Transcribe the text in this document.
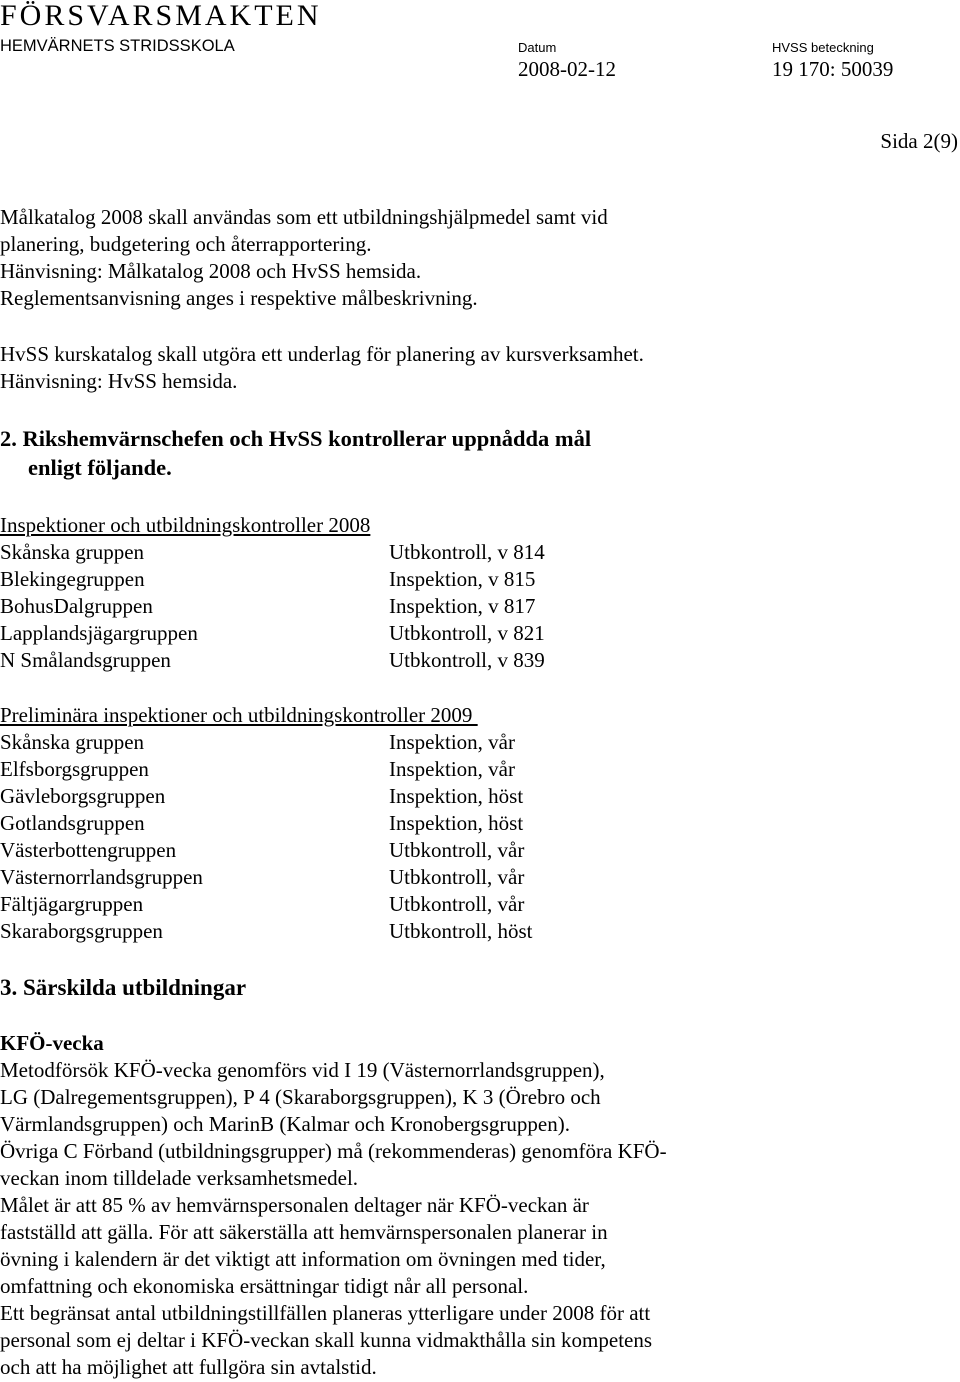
FÖRSVARSMAKTEN
HEMVÄRNETS STRIDSSKOLA	Datum
2008-02-12
HVSS beteckning
19 170: 50039
Sida 2(9)
Målkatalog 2008 skall användas som ett utbildningshjälpmedel samt vid
planering, budgetering och återrapportering.
Hänvisning: Målkatalog 2008 och HvSS hemsida.
Reglementsanvisning anges i respektive målbeskrivning.
HvSS kurskatalog skall utgöra ett underlag för planering av kursverksamhet.
Hänvisning: HvSS hemsida.
2. Rikshemvärnschefen och HvSS kontrollerar uppnådda mål
enligt följande.
Inspektioner och utbildningskontroller 2008
Skånska gruppen	Utbkontroll, v 814
Blekingegruppen	Inspektion, v 815
BohusDalgruppen	Inspektion, v 817
Lapplandsjägargruppen	Utbkontroll, v 821
N Smålandsgruppen	Utbkontroll, v 839
Preliminära inspektioner och utbildningskontroller 2009
Skånska gruppen	Inspektion, vår
Elfsborgsgruppen	Inspektion, vår
Gävleborgsgruppen	Inspektion, höst
Gotlandsgruppen	Inspektion, höst
Västerbottengruppen	Utbkontroll, vår
Västernorrlandsgruppen	Utbkontroll, vår
Fältjägargruppen	Utbkontroll, vår
Skaraborgsgruppen	Utbkontroll, höst
3. Särskilda utbildningar
KFÖ-vecka
Metodförsök KFÖ-vecka genomförs vid I 19 (Västernorrlandsgruppen),
LG (Dalregementsgruppen), P 4 (Skaraborgsgruppen), K 3 (Örebro och
Värmlandsgruppen) och MarinB (Kalmar och Kronobergsgruppen).
Övriga C Förband (utbildningsgrupper) må (rekommenderas) genomföra KFÖ-
veckan inom tilldelade verksamhetsmedel.
Målet är att 85 % av hemvärnspersonalen deltager när KFÖ-veckan är
fastställd att gälla. För att säkerställa att hemvärnspersonalen planerar in
övning i kalendern är det viktigt att information om övningen med tider,
omfattning och ekonomiska ersättningar tidigt når all personal.
Ett begränsat antal utbildningstillfällen planeras ytterligare under 2008 för att
personal som ej deltar i KFÖ-veckan skall kunna vidmakthålla sin kompetens
och att ha möjlighet att fullgöra sin avtalstid.
